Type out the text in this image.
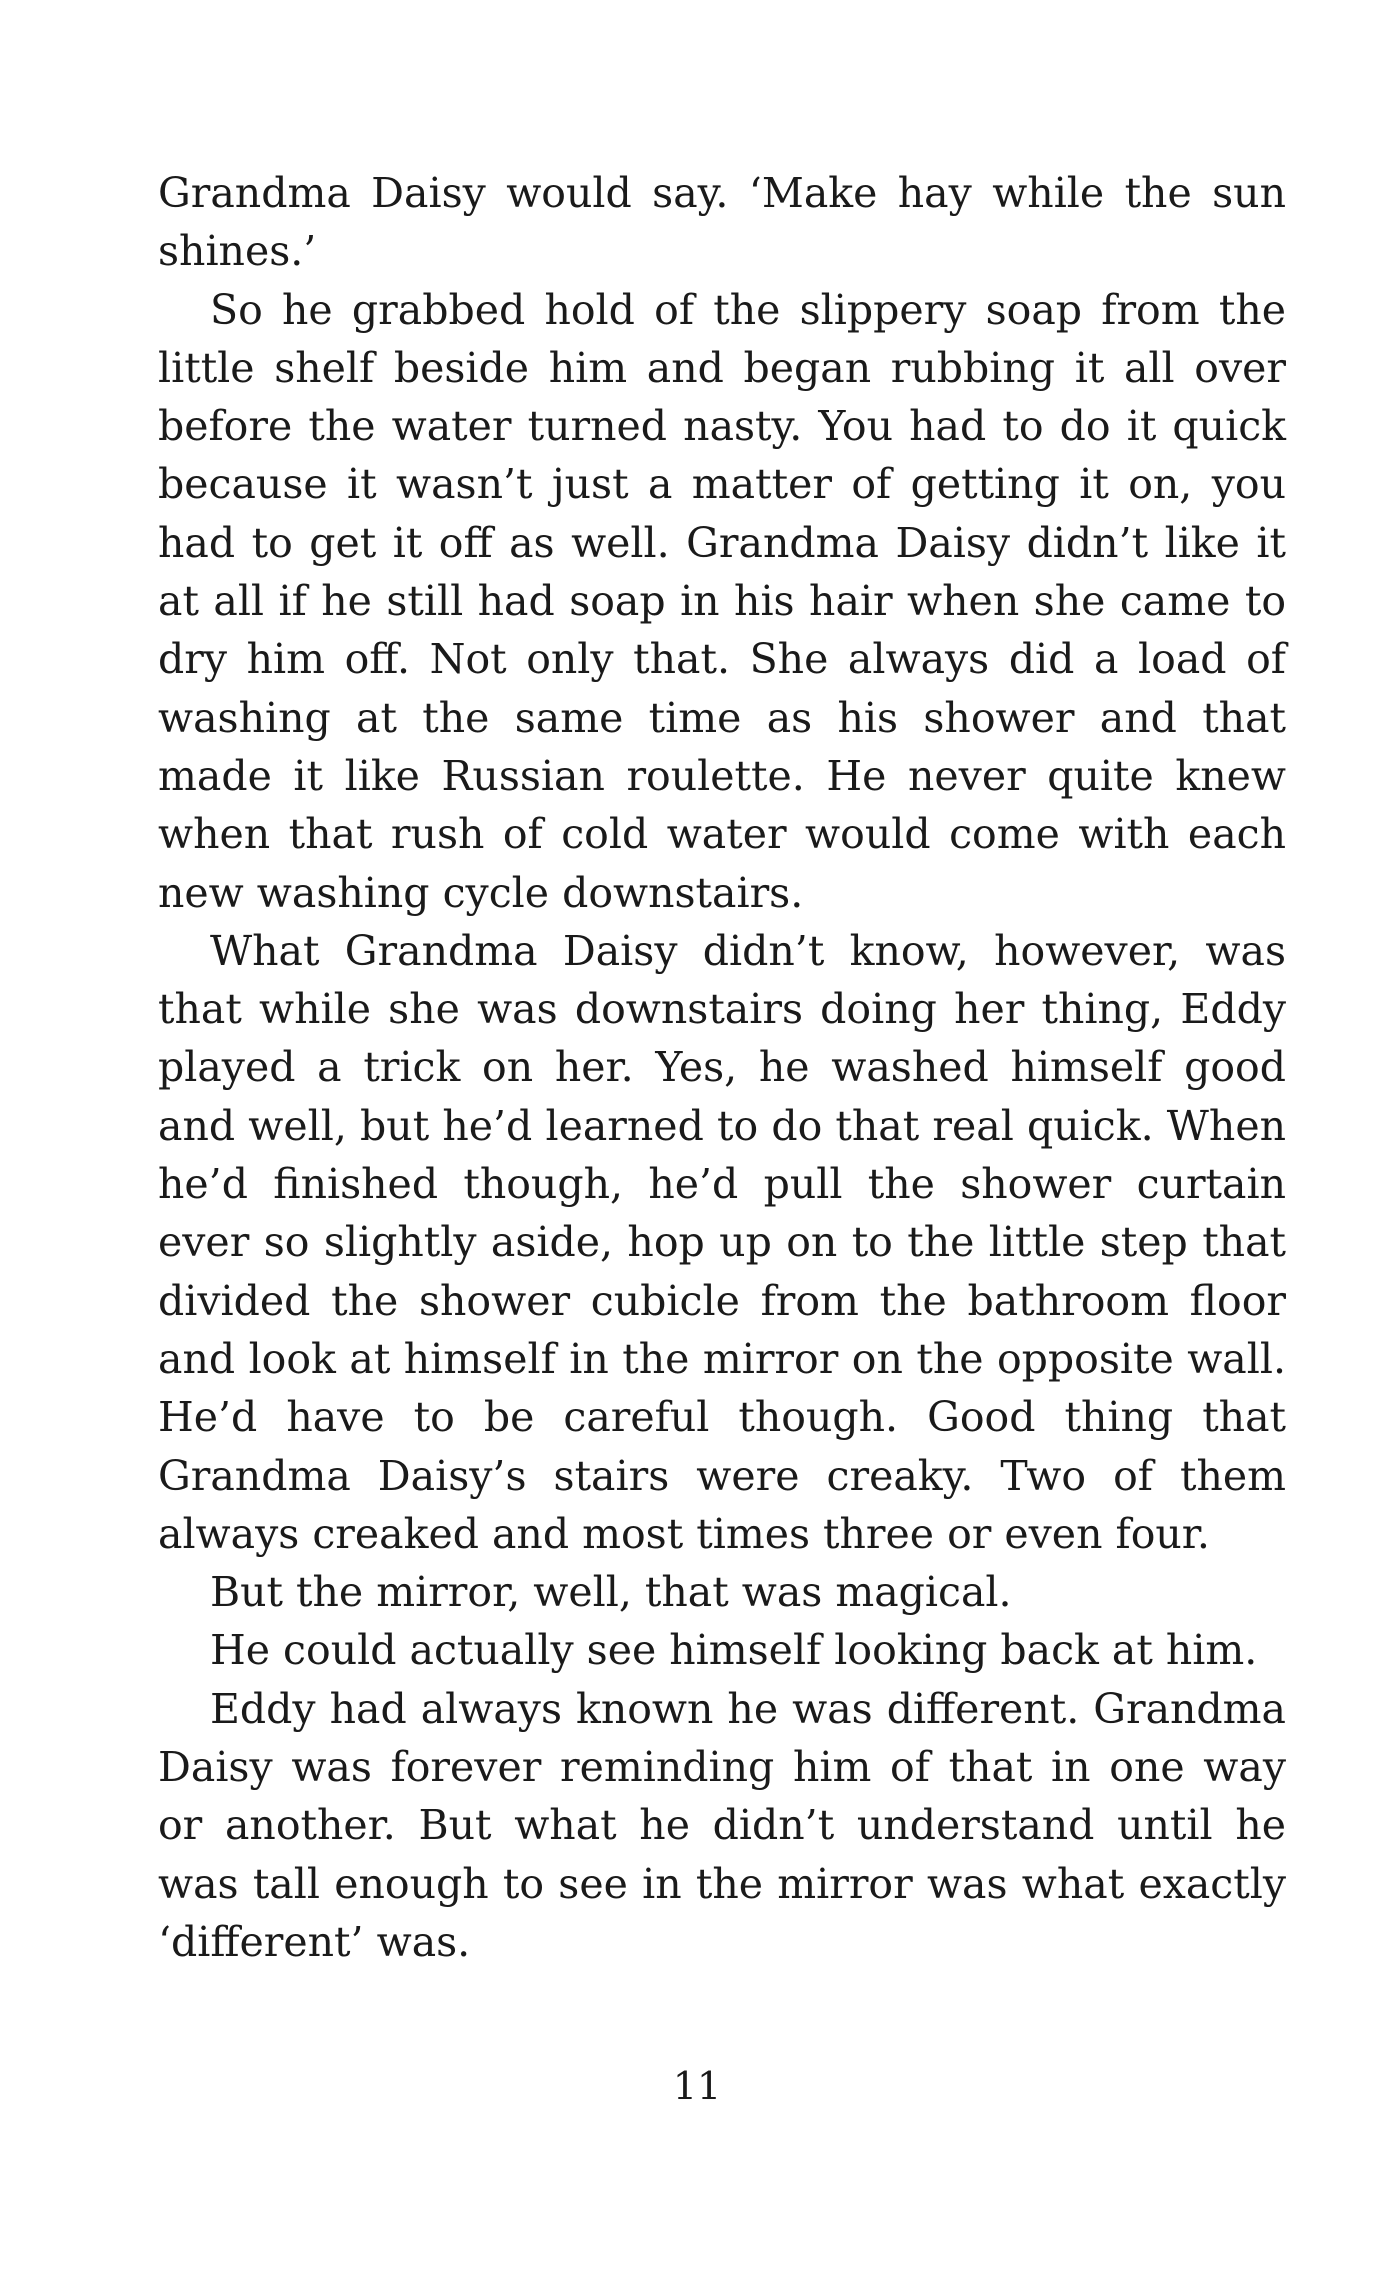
Grandma Daisy would say. ‘Make hay while the sun shines.’

So he grabbed hold of the slippery soap from the little shelf beside him and began rubbing it all over before the water turned nasty. You had to do it quick because it wasn’t just a matter of getting it on, you had to get it off as well. Grandma Daisy didn’t like it at all if he still had soap in his hair when she came to dry him off. Not only that. She always did a load of washing at the same time as his shower and that made it like Russian roulette. He never quite knew when that rush of cold water would come with each new washing cycle downstairs.

What Grandma Daisy didn’t know, however, was that while she was downstairs doing her thing, Eddy played a trick on her. Yes, he washed himself good and well, but he’d learned to do that real quick. When he’d finished though, he’d pull the shower curtain ever so slightly aside, hop up on to the little step that divided the shower cubicle from the bathroom floor and look at himself in the mirror on the opposite wall. He’d have to be careful though. Good thing that Grandma Daisy’s stairs were creaky. Two of them always creaked and most times three or even four.

But the mirror, well, that was magical.

He could actually see himself looking back at him.

Eddy had always known he was different. Grandma Daisy was forever reminding him of that in one way or another. But what he didn’t understand until he was tall enough to see in the mirror was what exactly ‘different’ was.

11
